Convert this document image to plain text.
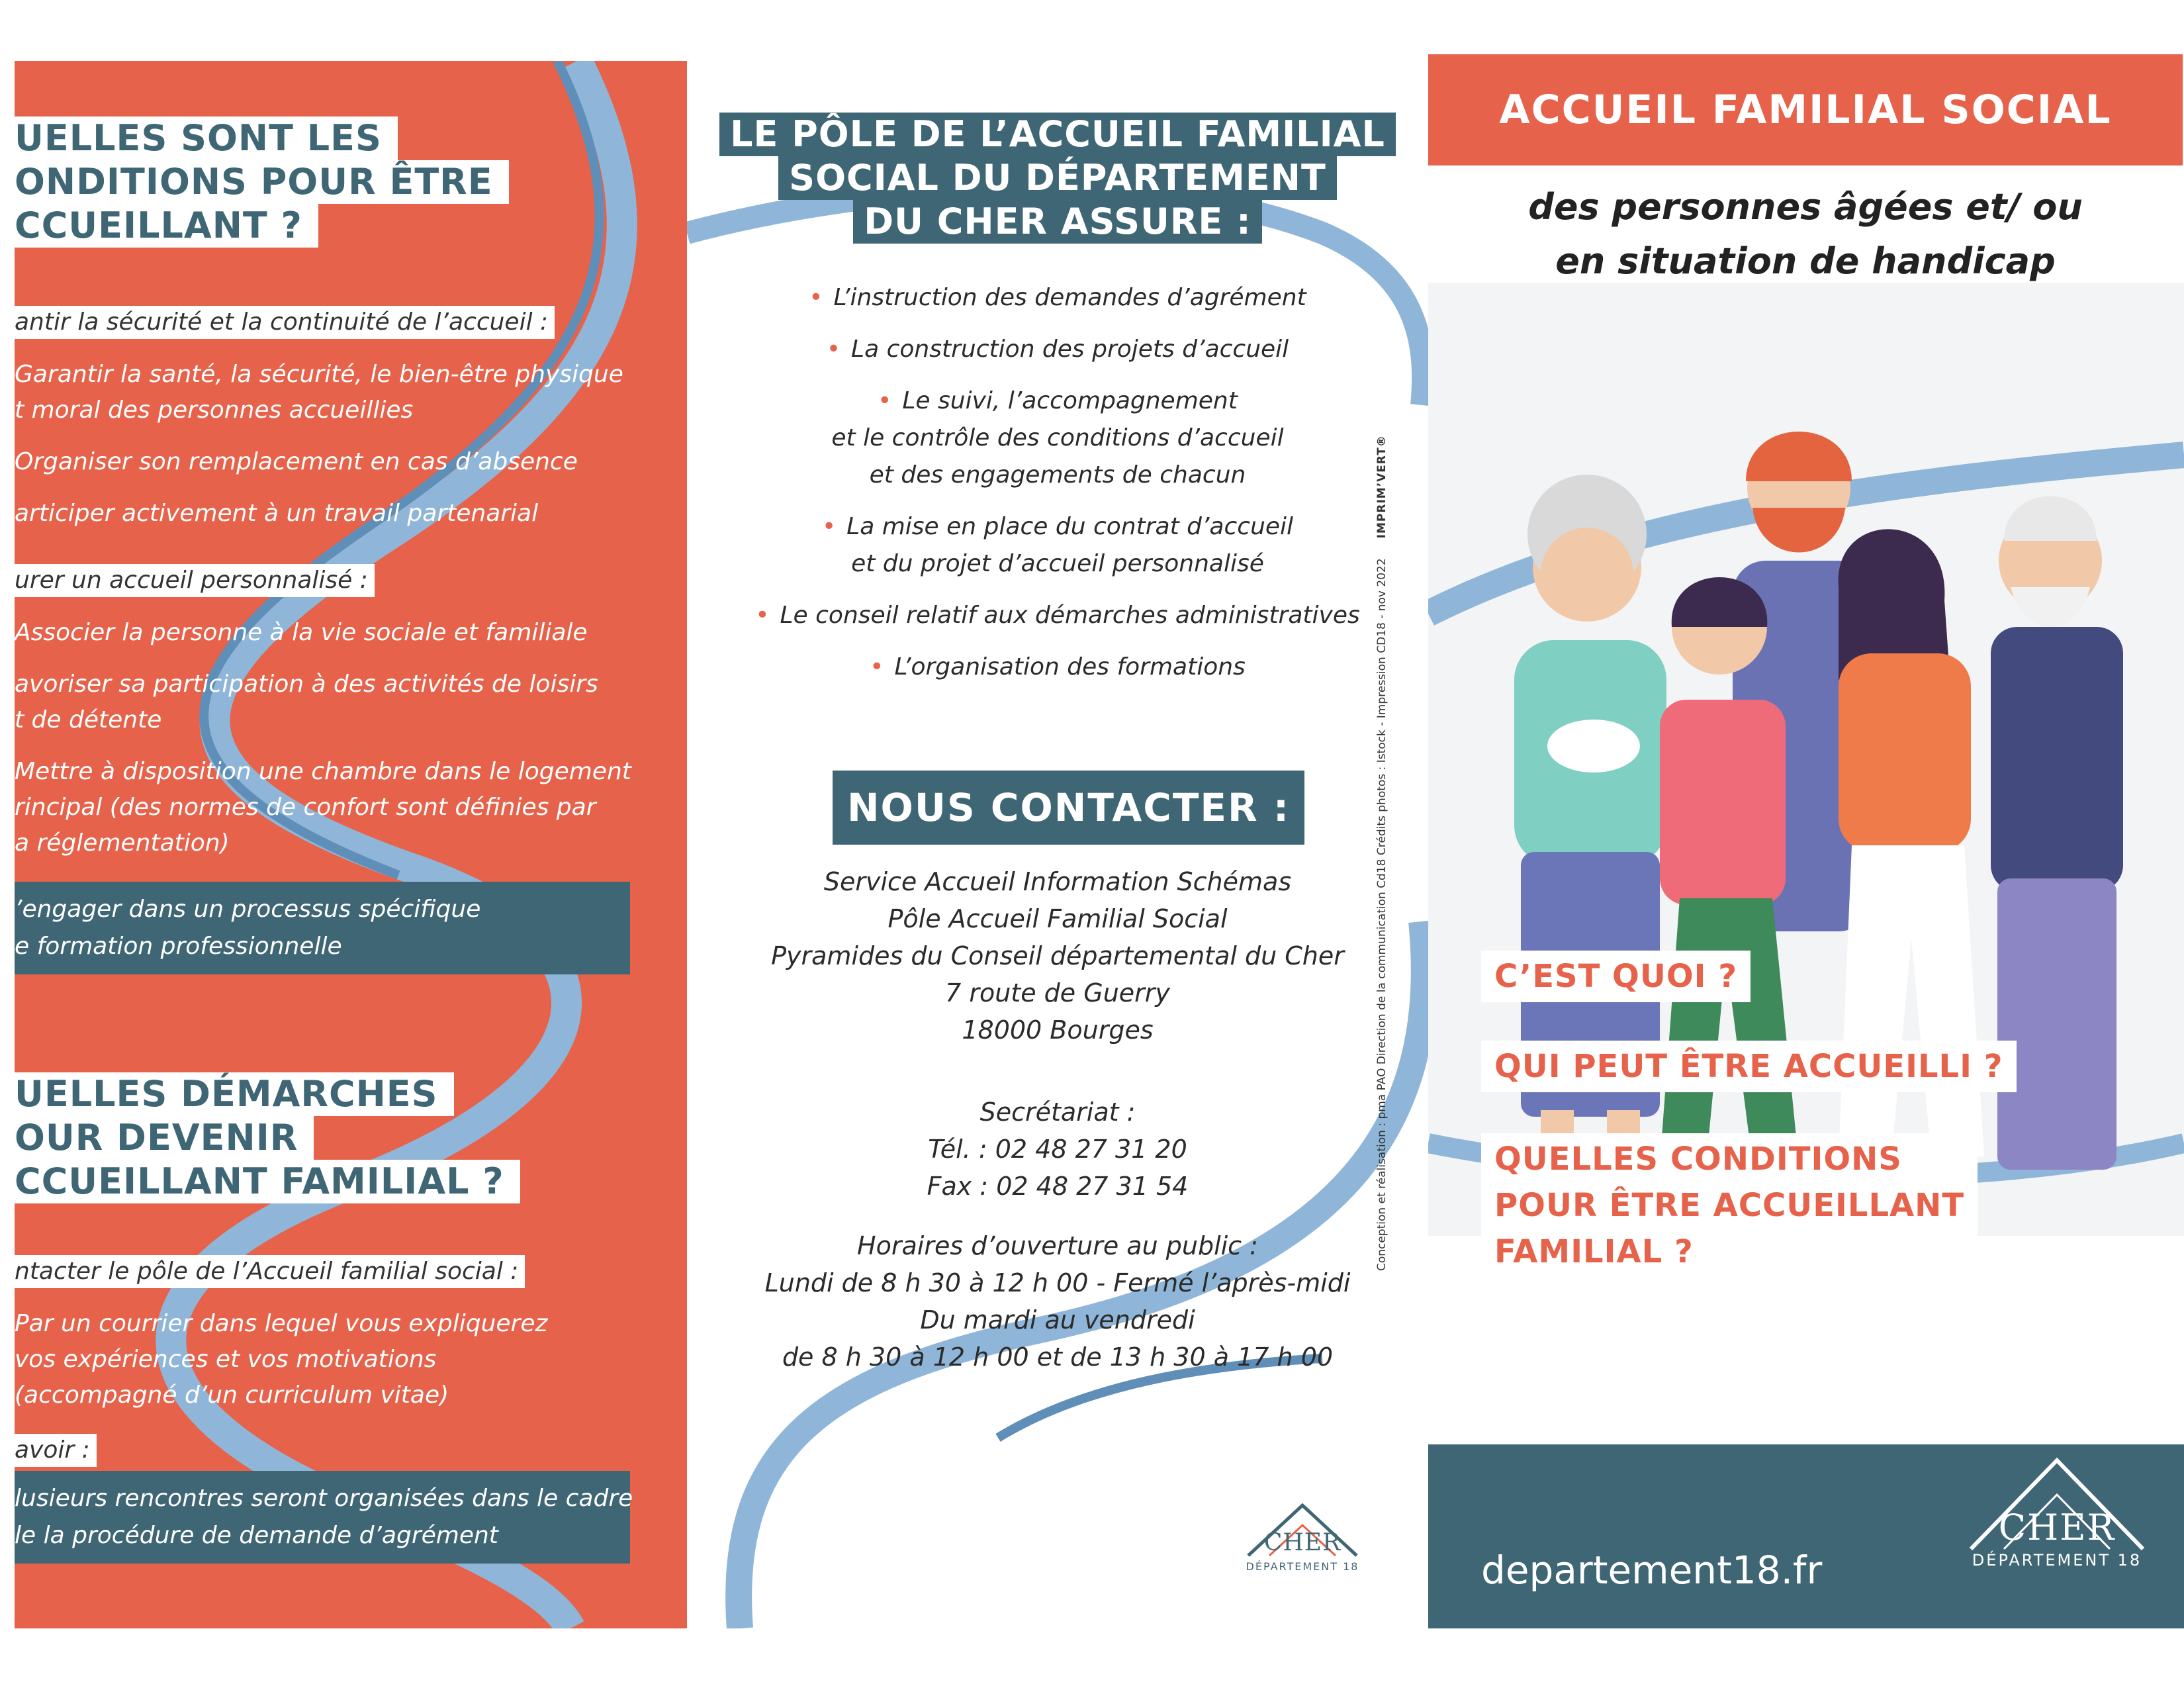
UELLES SONT LES
ONDITIONS POUR ÊTRE
CCUEILLANT ?
antir la sécurité et la continuité de l’accueil :
Garantir la santé, la sécurité, le bien-être physique
t moral des personnes accueillies
Organiser son remplacement en cas d’absence
articiper activement à un travail partenarial
urer un accueil personnalisé :
Associer la personne à la vie sociale et familiale
avoriser sa participation à des activités de loisirs
t de détente
Mettre à disposition une chambre dans le logement
rincipal (des normes de confort sont définies par
a réglementation)
’engager dans un processus spécifique
e formation professionnelle
UELLES DÉMARCHES
OUR DEVENIR
CCUEILLANT FAMILIAL ?
ntacter le pôle de l’Accueil familial social :
Par un courrier dans lequel vous expliquerez
vos expériences et vos motivations
(accompagné d’un curriculum vitae)
avoir :
lusieurs rencontres seront organisées dans le cadre
le la procédure de demande d’agrément
LE PÔLE DE L’ACCUEIL FAMILIAL
SOCIAL DU DÉPARTEMENT
DU CHER ASSURE :
• L’instruction des demandes d’agrément
• La construction des projets d’accueil
• Le suivi, l’accompagnement
et le contrôle des conditions d’accueil
et des engagements de chacun
• La mise en place du contrat d’accueil
et du projet d’accueil personnalisé
• Le conseil relatif aux démarches administratives
• L’organisation des formations
NOUS CONTACTER :
Service Accueil Information Schémas
Pôle Accueil Familial Social
Pyramides du Conseil départemental du Cher
7 route de Guerry
18000 Bourges
Secrétariat :
Tél. : 02 48 27 31 20
Fax : 02 48 27 31 54
Horaires d’ouverture au public :
Lundi de 8 h 30 à 12 h 00 - Fermé l’après-midi
Du mardi au vendredi
de 8 h 30 à 12 h 00 et de 13 h 30 à 17 h 00
CHER
DÉPARTEMENT 18
Conception et réalisation : pma PAO Direction de la communication Cd18 Crédits photos : Istock - Impression CD18 - nov 2022IMPRIM’VERT®
ACCUEIL FAMILIAL SOCIAL
des personnes âgées et/ ou
en situation de handicap
C’EST QUOI ?
QUI PEUT ÊTRE ACCUEILLI ?
QUELLES CONDITIONS
POUR ÊTRE ACCUEILLANT
FAMILIAL ?
departement18.fr
CHER
DÉPARTEMENT 18
